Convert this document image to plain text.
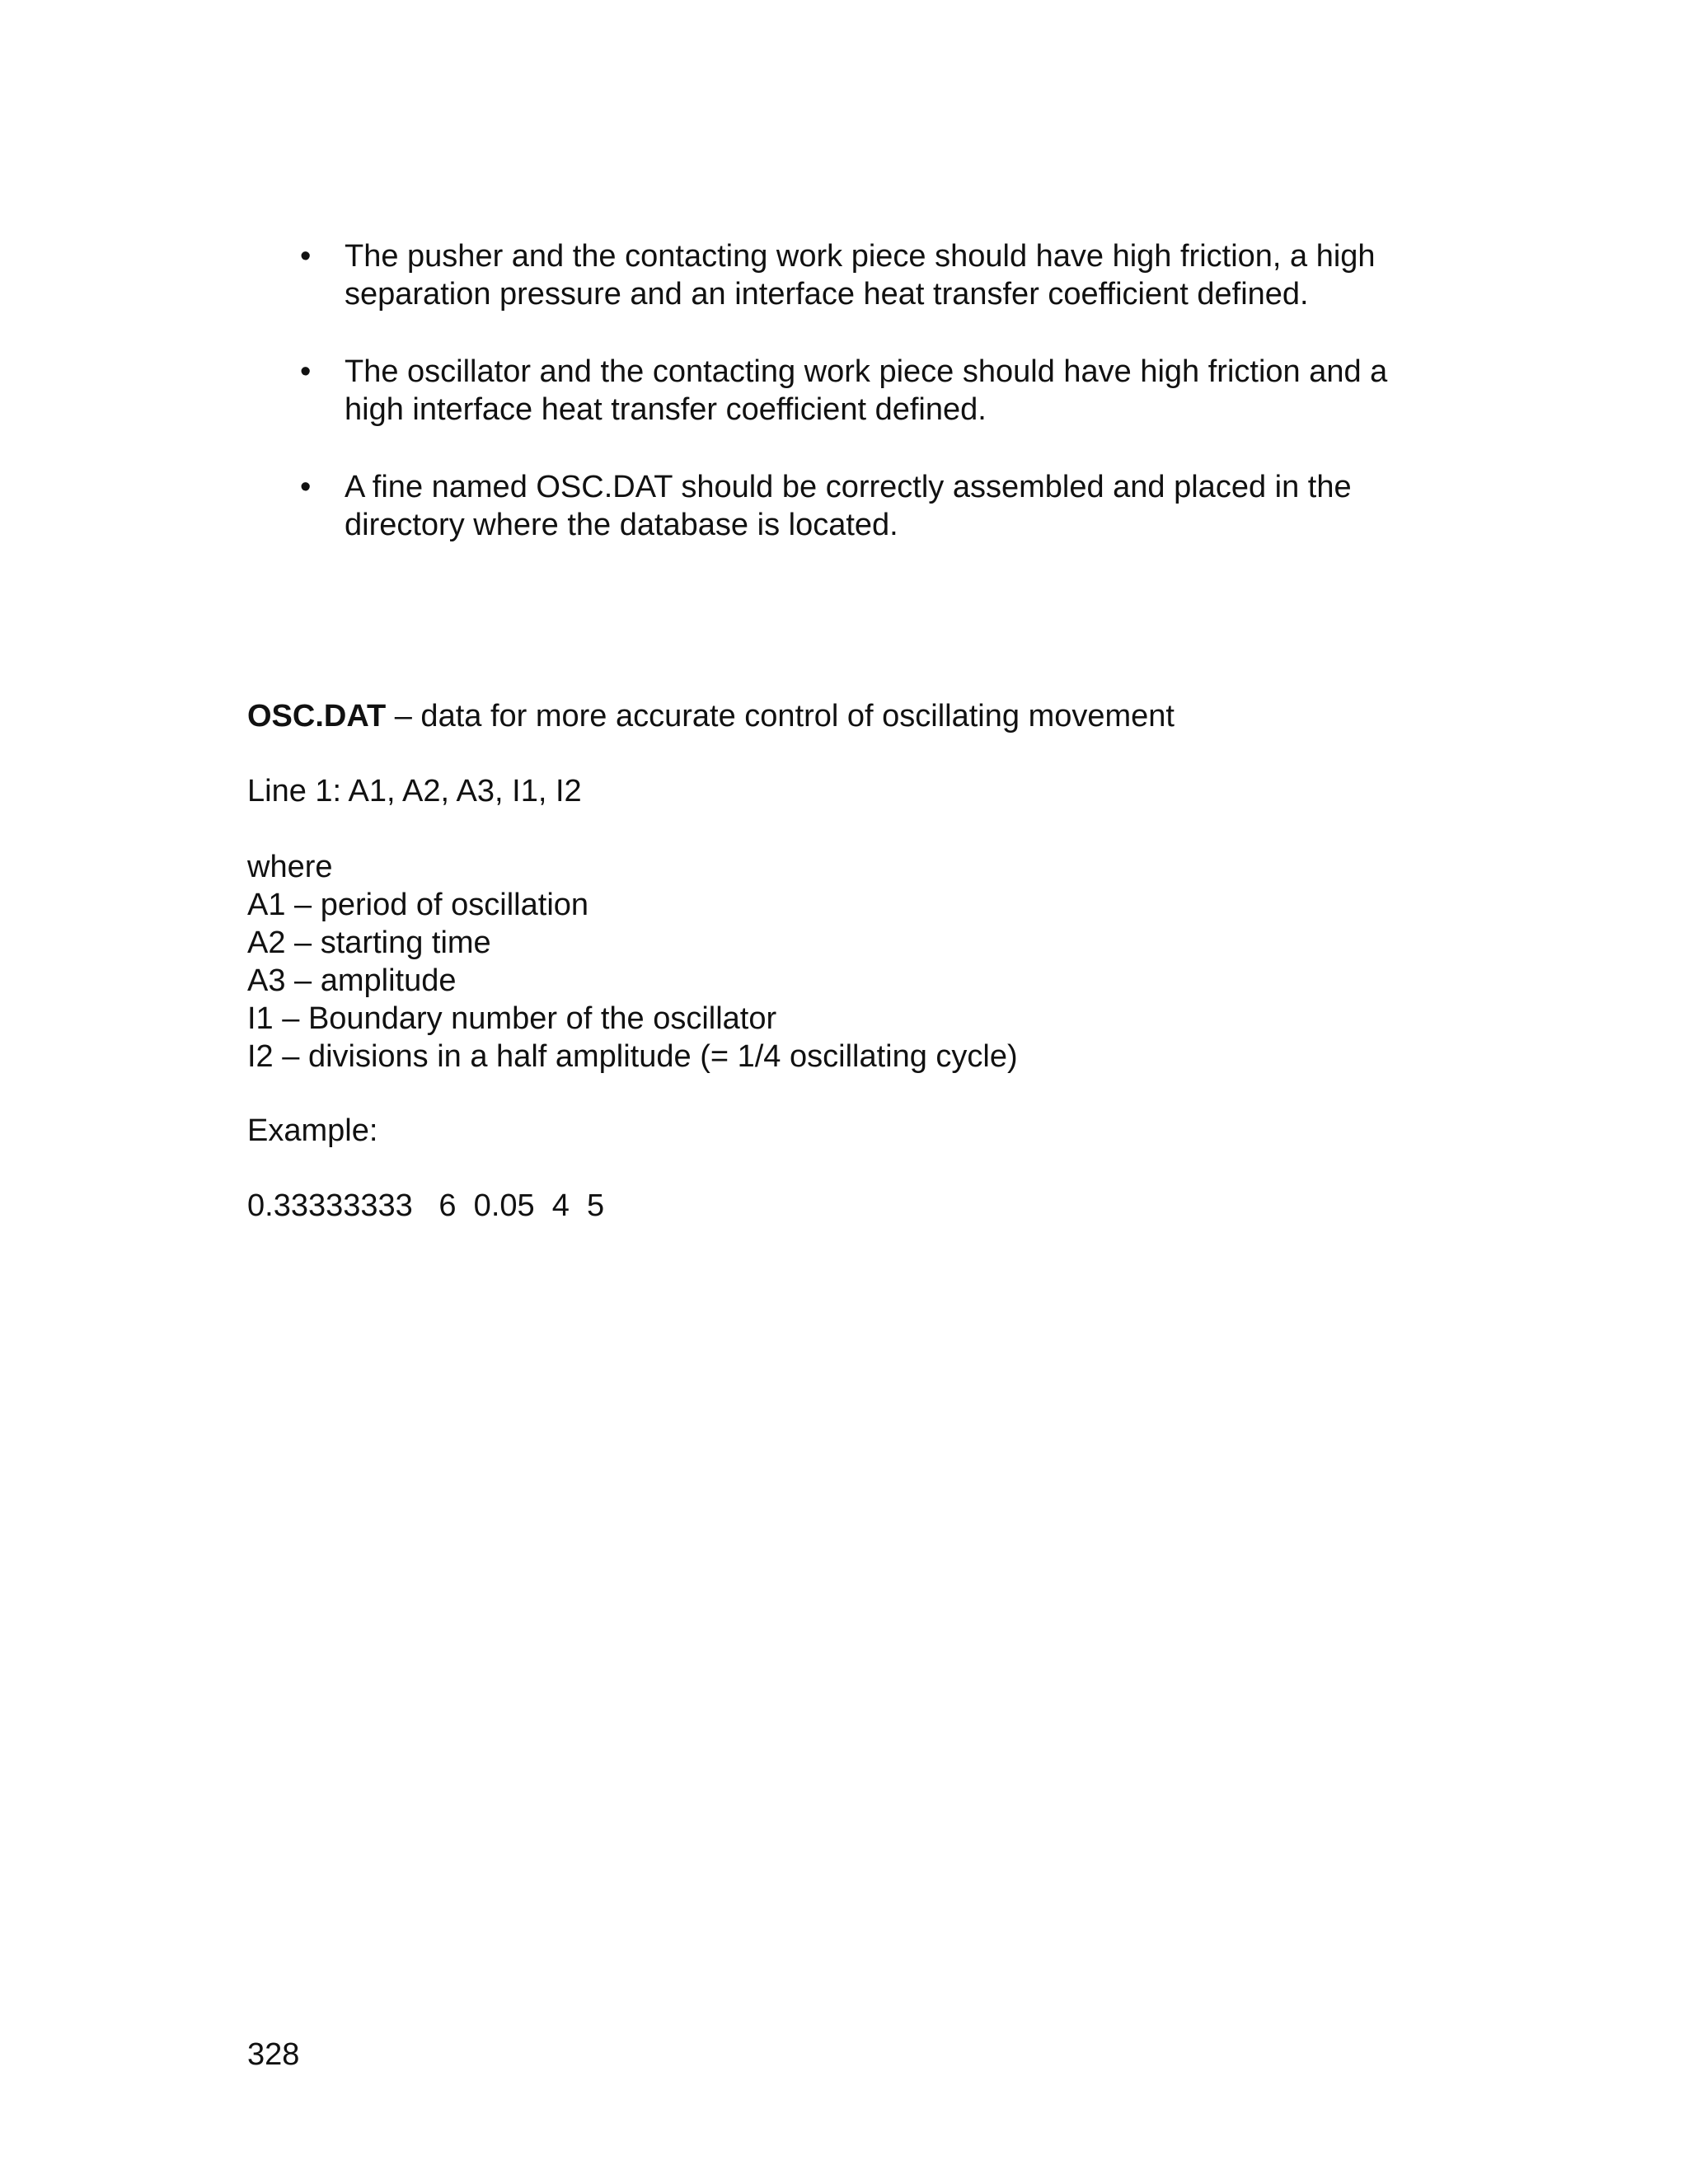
• The pusher and the contacting work piece should have high friction, a high separation pressure and an interface heat transfer coefficient defined.
• The oscillator and the contacting work piece should have high friction and a high interface heat transfer coefficient defined.
• A fine named OSC.DAT should be correctly assembled and placed in the directory where the database is located.
OSC.DAT – data for more accurate control of oscillating movement
Line 1: A1, A2, A3, I1, I2
where
A1 – period of oscillation
A2 – starting time
A3 – amplitude
I1 – Boundary number of the oscillator
I2 – divisions in a half amplitude (= 1/4 oscillating cycle)
Example:
0.33333333   6  0.05  4  5
328
